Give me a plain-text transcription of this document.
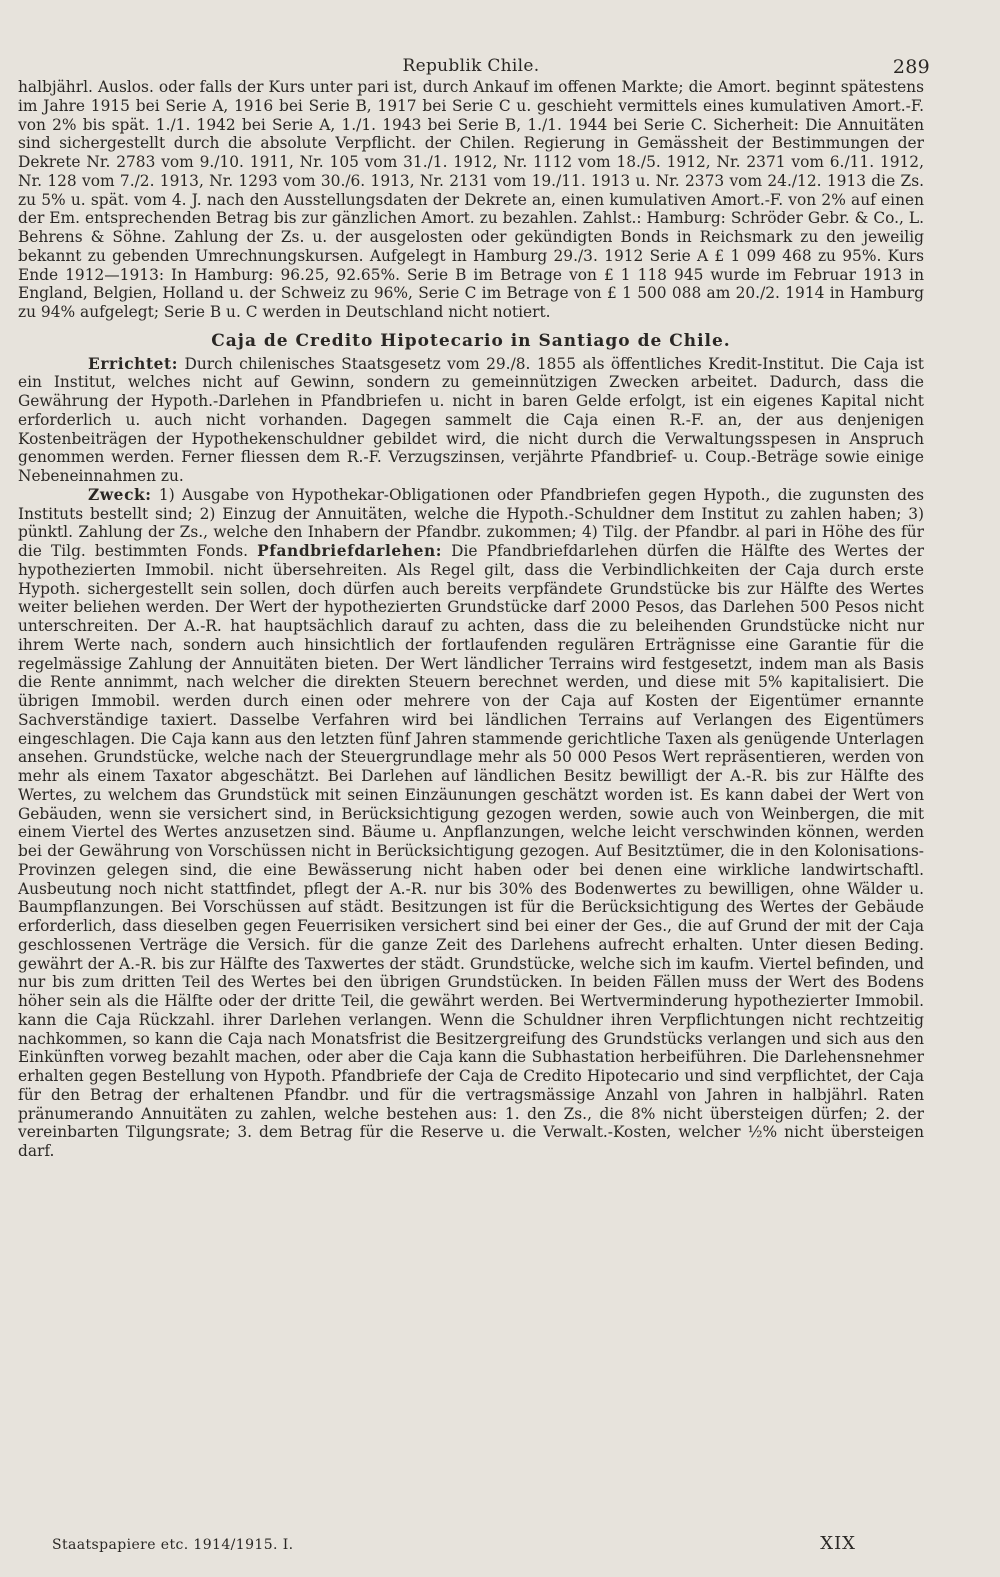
Republik Chile.	289

halbjährl. Auslos. oder falls der Kurs unter pari ist, durch Ankauf im offenen Markte; die Amort. beginnt spätestens im Jahre 1915 bei Serie A, 1916 bei Serie B, 1917 bei Serie C u. geschieht vermittels eines kumulativen Amort.-F. von 2% bis spät. 1./1. 1942 bei Serie A, 1./1. 1943 bei Serie B, 1./1. 1944 bei Serie C. Sicherheit: Die Annuitäten sind sichergestellt durch die absolute Verpflicht. der Chilen. Regierung in Gemässheit der Bestimmungen der Dekrete Nr. 2783 vom 9./10. 1911, Nr. 105 vom 31./1. 1912, Nr. 1112 vom 18./5. 1912, Nr. 2371 vom 6./11. 1912, Nr. 128 vom 7./2. 1913, Nr. 1293 vom 30./6. 1913, Nr. 2131 vom 19./11. 1913 u. Nr. 2373 vom 24./12. 1913 die Zs. zu 5% u. spät. vom 4. J. nach den Ausstellungsdaten der Dekrete an, einen kumulativen Amort.-F. von 2% auf einen der Em. entsprechenden Betrag bis zur gänzlichen Amort. zu bezahlen. Zahlst.: Hamburg: Schröder Gebr. & Co., L. Behrens & Söhne. Zahlung der Zs. u. der ausgelosten oder gekündigten Bonds in Reichsmark zu den jeweilig bekannt zu gebenden Umrechnungskursen. Aufgelegt in Hamburg 29./3. 1912 Serie A £ 1 099 468 zu 95%. Kurs Ende 1912—1913: In Hamburg: 96.25, 92.65%. Serie B im Betrage von £ 1 118 945 wurde im Februar 1913 in England, Belgien, Holland u. der Schweiz zu 96%, Serie C im Betrage von £ 1 500 088 am 20./2. 1914 in Hamburg zu 94% aufgelegt; Serie B u. C werden in Deutschland nicht notiert.

Caja de Credito Hipotecario in Santiago de Chile.

Errichtet: Durch chilenisches Staatsgesetz vom 29./8. 1855 als öffentliches Kredit-Institut. Die Caja ist ein Institut, welches nicht auf Gewinn, sondern zu gemeinnützigen Zwecken arbeitet. Dadurch, dass die Gewährung der Hypoth.-Darlehen in Pfandbriefen u. nicht in baren Gelde erfolgt, ist ein eigenes Kapital nicht erforderlich u. auch nicht vorhanden. Dagegen sammelt die Caja einen R.-F. an, der aus denjenigen Kostenbeiträgen der Hypothekenschuldner gebildet wird, die nicht durch die Verwaltungsspesen in Anspruch genommen werden. Ferner fliessen dem R.-F. Verzugszinsen, verjährte Pfandbrief- u. Coup.-Beträge sowie einige Nebeneinnahmen zu.

Zweck: 1) Ausgabe von Hypothekar-Obligationen oder Pfandbriefen gegen Hypoth., die zugunsten des Instituts bestellt sind; 2) Einzug der Annuitäten, welche die Hypoth.-Schuldner dem Institut zu zahlen haben; 3) pünktl. Zahlung der Zs., welche den Inhabern der Pfandbr. zukommen; 4) Tilg. der Pfandbr. al pari in Höhe des für die Tilg. bestimmten Fonds. Pfandbriefdarlehen: Die Pfandbriefdarlehen dürfen die Hälfte des Wertes der hypothezierten Immobil. nicht übersehreiten. Als Regel gilt, dass die Verbindlichkeiten der Caja durch erste Hypoth. sichergestellt sein sollen, doch dürfen auch bereits verpfändete Grundstücke bis zur Hälfte des Wertes weiter beliehen werden. Der Wert der hypothezierten Grundstücke darf 2000 Pesos, das Darlehen 500 Pesos nicht unterschreiten. Der A.-R. hat hauptsächlich darauf zu achten, dass die zu beleihenden Grundstücke nicht nur ihrem Werte nach, sondern auch hinsichtlich der fortlaufenden regulären Erträgnisse eine Garantie für die regelmässige Zahlung der Annuitäten bieten. Der Wert ländlicher Terrains wird festgesetzt, indem man als Basis die Rente annimmt, nach welcher die direkten Steuern berechnet werden, und diese mit 5% kapitalisiert. Die übrigen Immobil. werden durch einen oder mehrere von der Caja auf Kosten der Eigentümer ernannte Sachverständige taxiert. Dasselbe Verfahren wird bei ländlichen Terrains auf Verlangen des Eigentümers eingeschlagen. Die Caja kann aus den letzten fünf Jahren stammende gerichtliche Taxen als genügende Unterlagen ansehen. Grundstücke, welche nach der Steuergrundlage mehr als 50 000 Pesos Wert repräsentieren, werden von mehr als einem Taxator abgeschätzt. Bei Darlehen auf ländlichen Besitz bewilligt der A.-R. bis zur Hälfte des Wertes, zu welchem das Grundstück mit seinen Einzäunungen geschätzt worden ist. Es kann dabei der Wert von Gebäuden, wenn sie versichert sind, in Berücksichtigung gezogen werden, sowie auch von Weinbergen, die mit einem Viertel des Wertes anzusetzen sind. Bäume u. Anpflanzungen, welche leicht verschwinden können, werden bei der Gewährung von Vorschüssen nicht in Berücksichtigung gezogen. Auf Besitztümer, die in den Kolonisations-Provinzen gelegen sind, die eine Bewässerung nicht haben oder bei denen eine wirkliche landwirtschaftl. Ausbeutung noch nicht stattfindet, pflegt der A.-R. nur bis 30% des Bodenwertes zu bewilligen, ohne Wälder u. Baumpflanzungen. Bei Vorschüssen auf städt. Besitzungen ist für die Berücksichtigung des Wertes der Gebäude erforderlich, dass dieselben gegen Feuerrisiken versichert sind bei einer der Ges., die auf Grund der mit der Caja geschlossenen Verträge die Versich. für die ganze Zeit des Darlehens aufrecht erhalten. Unter diesen Beding. gewährt der A.-R. bis zur Hälfte des Taxwertes der städt. Grundstücke, welche sich im kaufm. Viertel befinden, und nur bis zum dritten Teil des Wertes bei den übrigen Grundstücken. In beiden Fällen muss der Wert des Bodens höher sein als die Hälfte oder der dritte Teil, die gewährt werden. Bei Wertverminderung hypothezierter Immobil. kann die Caja Rückzahl. ihrer Darlehen verlangen. Wenn die Schuldner ihren Verpflichtungen nicht rechtzeitig nachkommen, so kann die Caja nach Monatsfrist die Besitzergreifung des Grundstücks verlangen und sich aus den Einkünften vorweg bezahlt machen, oder aber die Caja kann die Subhastation herbeiführen. Die Darlehensnehmer erhalten gegen Bestellung von Hypoth. Pfandbriefe der Caja de Credito Hipotecario und sind verpflichtet, der Caja für den Betrag der erhaltenen Pfandbr. und für die vertragsmässige Anzahl von Jahren in halbjährl. Raten pränumerando Annuitäten zu zahlen, welche bestehen aus: 1. den Zs., die 8% nicht übersteigen dürfen; 2. der vereinbarten Tilgungsrate; 3. dem Betrag für die Reserve u. die Verwalt.-Kosten, welcher ½% nicht übersteigen darf.

Staatspapiere etc. 1914/1915. I.	XIX
